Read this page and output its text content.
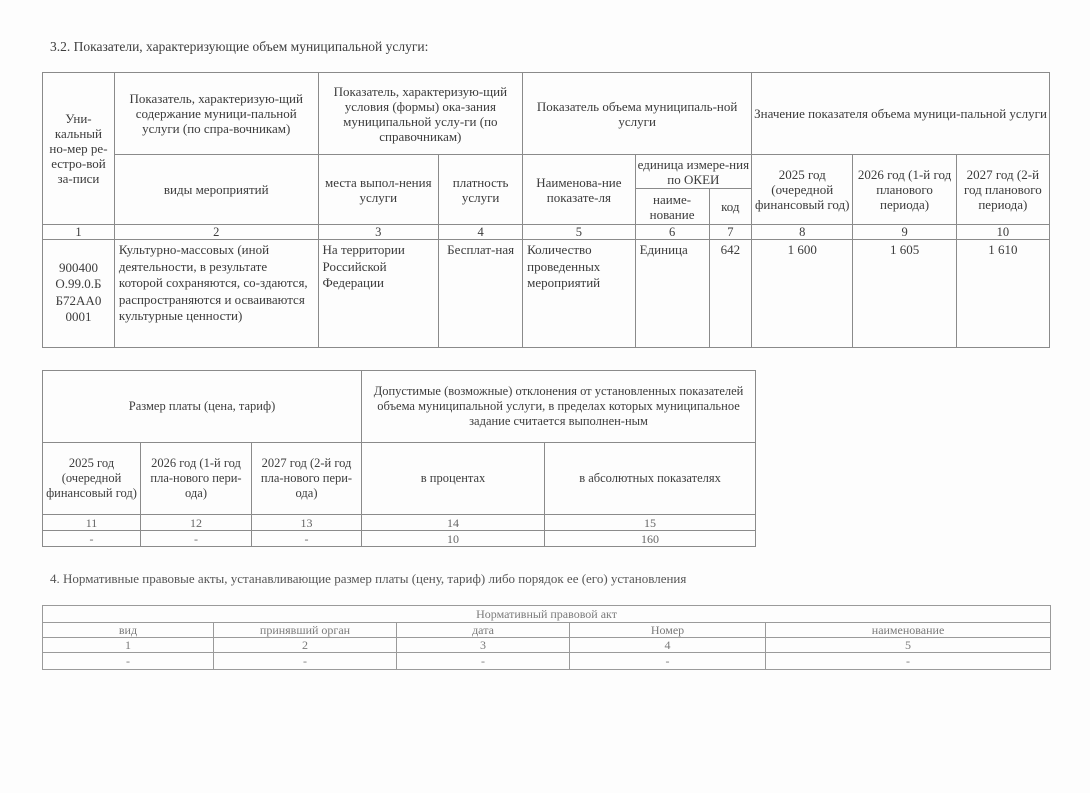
3.2. Показатели, характеризующие объем муниципальной услуги:
Уни-кальный но-мер ре-естро-вой за-писи	Показатель, характеризую-щий содержание муници-пальной услуги (по спра-вочникам)	Показатель, характеризую-щий условия (формы) ока-зания муниципальной услу-ги (по справочникам)		Показатель объема муниципаль-ной услуги			Значение показателя объема муници-пальной услуги		
	виды мероприятий	места выпол-нения услуги	платность услуги	Наименова-ние показате-ля	единица измере-ния по ОКЕИ		2025 год (очередной финансовый год)	2026 год (1-й год планового периода)	2027 год (2-й год планового периода)
					наиме-нование	код			
1	2	3	4	5	6	7	8	9	10
900400 О.99.0.Б Б72АА0 0001	Культурно-массовых (иной деятельности, в результате которой сохраняются, со-здаются, распространяются и осваиваются культурные ценности)	На территории Российской Федерации	Бесплат-ная	Количество проведенных мероприятий	Единица	642	1 600	1 605	1 610
Размер платы (цена, тариф)			Допустимые (возможные) отклонения от установленных показателей объема муниципальной услуги, в пределах которых муниципальное задание считается выполнен-ным	
2025 год (очередной финансовый год)	2026 год (1-й год пла-нового пери-ода)	2027 год (2-й год пла-нового пери-ода)	в процентах	в абсолютных показателях
11	12	13	14	15
-	-	-	10	160
4. Нормативные правовые акты, устанавливающие размер платы (цену, тариф) либо порядок ее (его) установления
Нормативный правовой акт				
вид	принявший орган	дата	Номер	наименование
1	2	3	4	5
-	-	-	-	-
